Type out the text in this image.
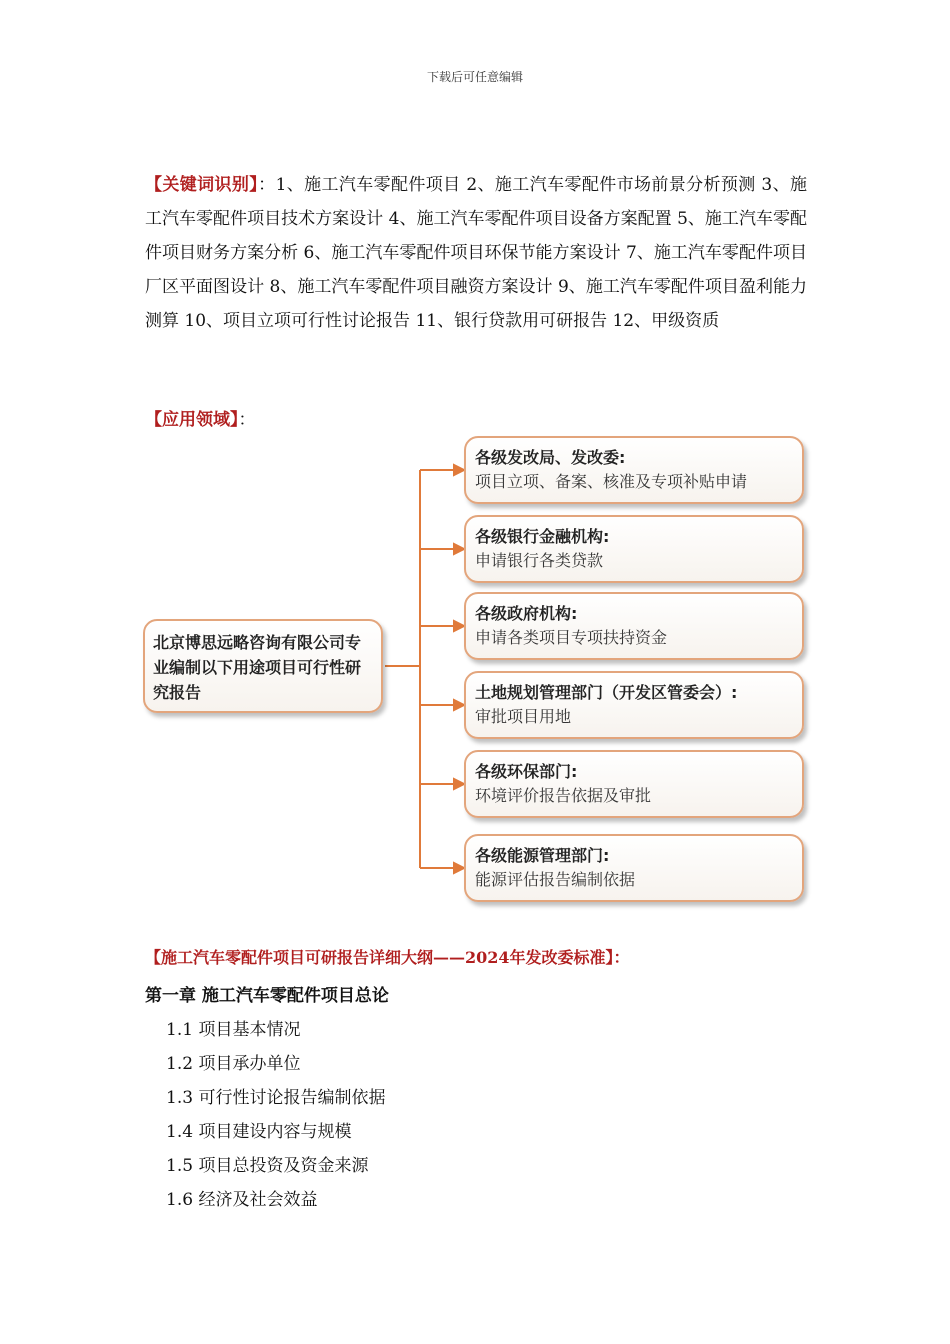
下载后可任意编辑

【关键词识别】：1、施工汽车零配件项目 2、施工汽车零配件市场前景分析预测 3、施工汽车零配件项目技术方案设计 4、施工汽车零配件项目设备方案配置 5、施工汽车零配件项目财务方案分析 6、施工汽车零配件项目环保节能方案设计 7、施工汽车零配件项目厂区平面图设计 8、施工汽车零配件项目融资方案设计 9、施工汽车零配件项目盈利能力测算 10、项目立项可行性讨论报告 11、银行贷款用可研报告 12、甲级资质

【应用领域】：

北京博思远略咨询有限公司专业编制以下用途项目可行性研究报告
各级发改局、发改委:
项目立项、备案、核准及专项补贴申请
各级银行金融机构:
申请银行各类贷款
各级政府机构:
申请各类项目专项扶持资金
土地规划管理部门（开发区管委会）:
审批项目用地
各级环保部门:
环境评价报告依据及审批
各级能源管理部门:
能源评估报告编制依据

【施工汽车零配件项目可研报告详细大纲——2024年发改委标准】：

第一章 施工汽车零配件项目总论

1.1 项目基本情况
1.2 项目承办单位
1.3 可行性讨论报告编制依据
1.4 项目建设内容与规模
1.5 项目总投资及资金来源
1.6 经济及社会效益
